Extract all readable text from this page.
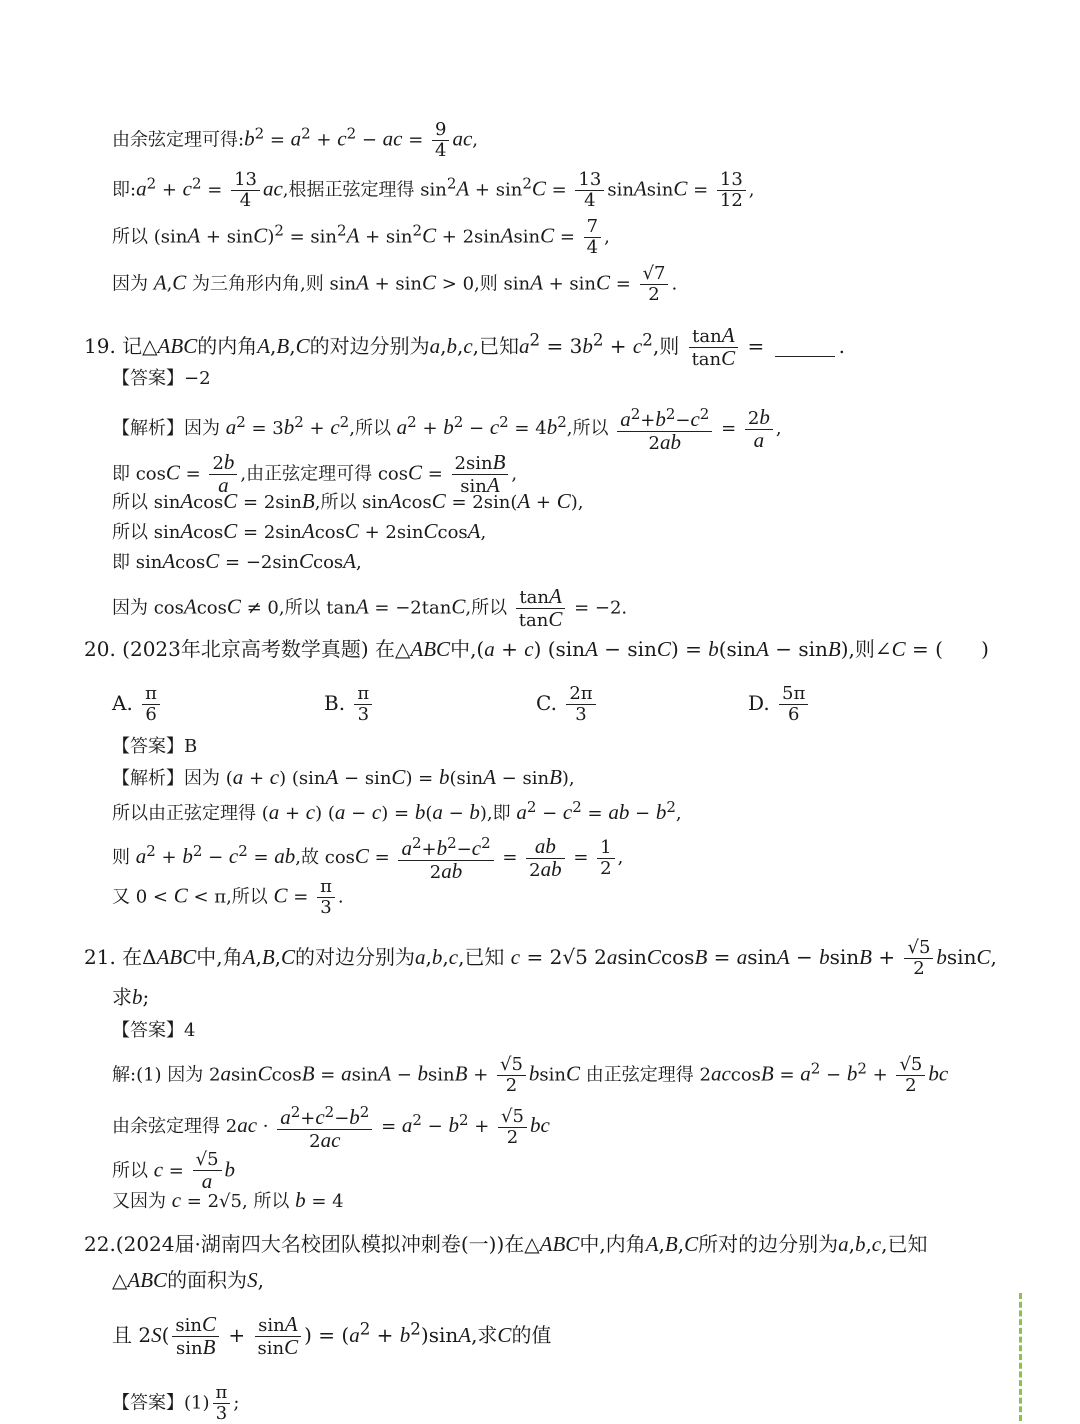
由余弦定理可得$:b^2 = a^2 + c^2$ − ac = $\frac{9}{4}$ ac,
即$:a^2 + c^2 = \frac{13}{4}$ ac,根据正弦定理得 $\sin^2A + \sin^2C = \frac{13}{4}$ sinAsinC = $\frac{13}{12}$ ,
所以 $(\sin A + \sin C)^2 = \sin^2A + \sin^2C$ + 2sinAsinC = $\frac{7}{4}$ ,
因为 A,C 为三角形内角,则 sinA + sinC > 0,则 $\sin A + \sin C = \frac{√7}{2}$ .
19. 记△ABC的内角A,B,C的对边分别为a,b,c,已知$a^2 = 3b^2 + c^2$,则 $\frac{\tan A}{\tan C}$ =	.
【答案】−2
【解析】因为 $a^2 = 3b^2 + c^2$,所以 $a^2 + b^2 - c^2 = 4b^2$,所以 $\frac{a^2+b^2-c^2}{2ab} = \frac{2b}{a}$ ,
即 $\cos C = \frac{2b}{a}$ ,由正弦定理可得 $\cos C = \frac{2\sin B}{\sin A}$ ,
所以 sinAcosC = 2sinB,所以 sinAcosC = 2sin(A + C),
所以 sinAcosC = 2sinAcosC + 2sinCcosA,
即 sinAcosC = −2sinCcosA,
因为 cosAcosC ≠ 0,所以 tanA = −2tanC,所以 $\frac{\tan A}{\tan C} = -2$.
20. (2023年北京高考数学真题) 在△ABC中,(a + c) (sinA − sinC) = b(sinA − sinB),则∠C = (      )
A. $\frac{\pi}{6}$	B. $\frac{\pi}{3}$	C. $\frac{2\pi}{3}$	D. $\frac{5\pi}{6}$
【答案】B
【解析】因为 (a + c) (sinA − sinC) = b(sinA − sinB),
所以由正弦定理得 (a + c) (a − c) = b(a − b),即 $a^2 - c^2$ = ab − $b^2$,
则 $a^2 + b^2 - c^2$ = ab,故 $\cos C = \frac{a^2+b^2-c^2}{2ab} = \frac{ab}{2ab} = \frac{1}{2}$ ,
又 0 < C < π,所以 $C = \frac{\pi}{3}$ .
21. 在ΔABC中,角A,B,C的对边分别为a,b,c,已知 c = 2√5 2asinCcosB = $asinA - bsinB + \frac{√5}{2} bsinC$,
求b;
【答案】4
解:(1) 因为 2asinCcosB = $asinA - bsinB + \frac{√5}{2}$ bsinC 由正弦定理得 $2accosB = a^2 - b^2 + \frac{√5}{2}$ bc
由余弦定理得 $2ac \cdot \frac{a^2+c^2-b^2}{2ac} = a^2 - b^2 + \frac{√5}{2}$ bc
所以 $c = \frac{√5}{a}$ b
又因为 c = 2√5, 所以 b = 4
22.(2024届·湖南四大名校团队模拟冲刺卷(一))在△ABC中,内角A,B,C所对的边分别为a,b,c,已知
△ABC的面积为S,
且 $2S( \frac{\sin C}{\sin B} + \frac{\sin A}{\sin C}$ ) = $(a^2 + b^2)\sin A$,求C的值
【答案】$(1) \frac{\pi}{3}$ ;
